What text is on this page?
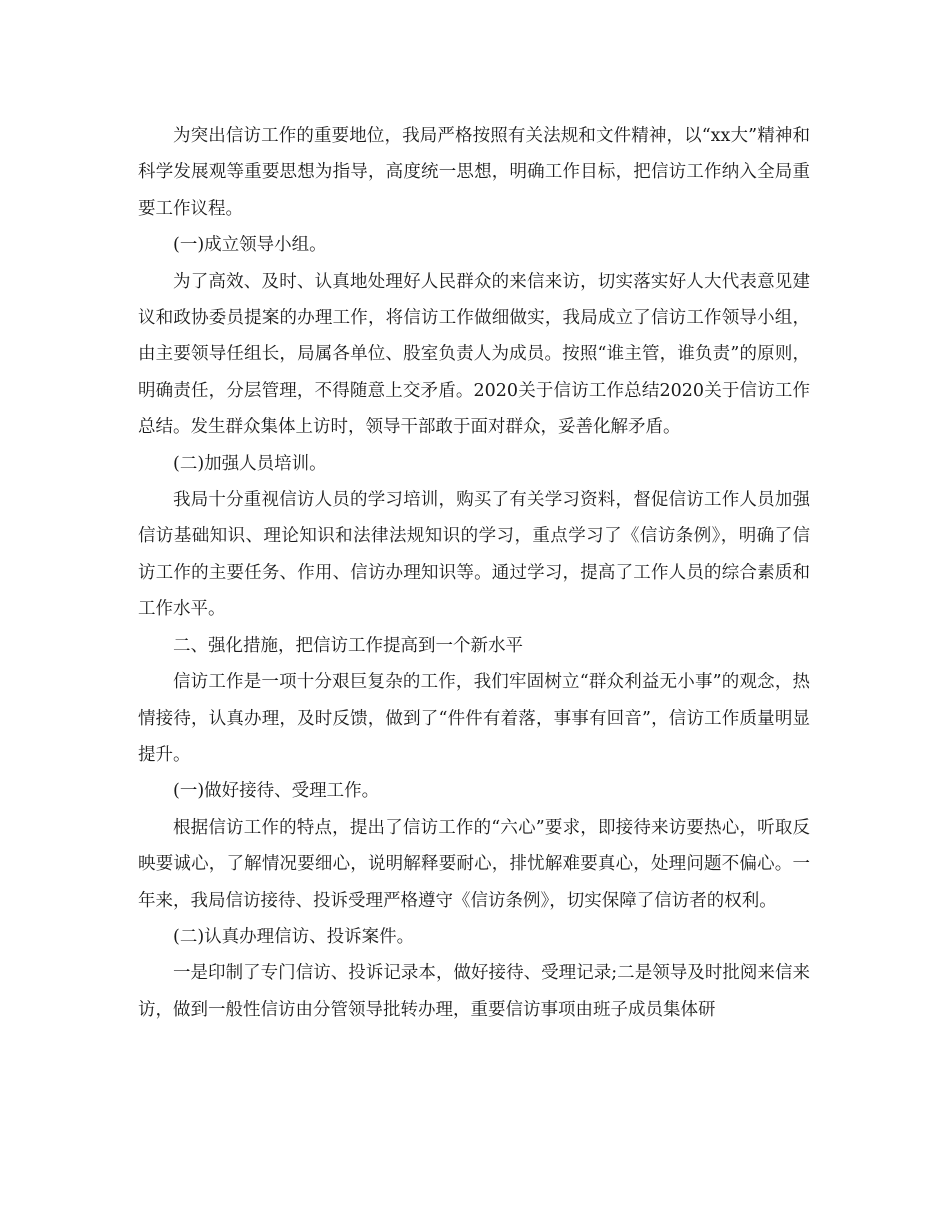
为突出信访工作的重要地位，我局严格按照有关法规和文件精神，以“xx大”精神和科学发展观等重要思想为指导，高度统一思想，明确工作目标，把信访工作纳入全局重要工作议程。

(一)成立领导小组。

为了高效、及时、认真地处理好人民群众的来信来访，切实落实好人大代表意见建议和政协委员提案的办理工作，将信访工作做细做实，我局成立了信访工作领导小组，由主要领导任组长，局属各单位、股室负责人为成员。按照“谁主管，谁负责”的原则，明确责任，分层管理，不得随意上交矛盾。2020关于信访工作总结2020关于信访工作总结。发生群众集体上访时，领导干部敢于面对群众，妥善化解矛盾。

(二)加强人员培训。

我局十分重视信访人员的学习培训，购买了有关学习资料，督促信访工作人员加强信访基础知识、理论知识和法律法规知识的学习，重点学习了《信访条例》，明确了信访工作的主要任务、作用、信访办理知识等。通过学习，提高了工作人员的综合素质和工作水平。

二、强化措施，把信访工作提高到一个新水平

信访工作是一项十分艰巨复杂的工作，我们牢固树立“群众利益无小事”的观念，热情接待，认真办理，及时反馈，做到了“件件有着落，事事有回音”，信访工作质量明显提升。

(一)做好接待、受理工作。

根据信访工作的特点，提出了信访工作的“六心”要求，即接待来访要热心，听取反映要诚心，了解情况要细心，说明解释要耐心，排忧解难要真心，处理问题不偏心。一年来，我局信访接待、投诉受理严格遵守《信访条例》，切实保障了信访者的权利。

(二)认真办理信访、投诉案件。

一是印制了专门信访、投诉记录本，做好接待、受理记录;二是领导及时批阅来信来访，做到一般性信访由分管领导批转办理，重要信访事项由班子成员集体研
